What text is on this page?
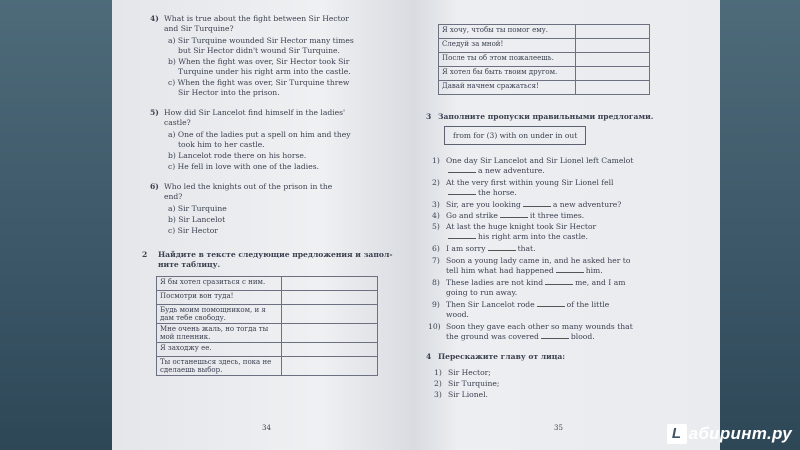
4) What is true about the fight between Sir Hector
and Sir Turquine?
a) Sir Turquine wounded Sir Hector many times
but Sir Hector didn't wound Sir Turquine.
b) When the fight was over, Sir Hector took Sir
Turquine under his right arm into the castle.
c) When the fight was over, Sir Turquine threw
Sir Hector into the prison.
5) How did Sir Lancelot find himself in the ladies'
castle?
a) One of the ladies put a spell on him and they
took him to her castle.
b) Lancelot rode there on his horse.
c) He fell in love with one of the ladies.
6) Who led the knights out of the prison in the
end?
a) Sir Turquine
b) Sir Lancelot
c) Sir Hector
2 Найдите в тексте следующие предложения и запол-
ните таблицу.
Я бы хотел сразиться с ним.	
Посмотри вон туда!	

Будь моим помощником, и я
дам тебе свободу.	

Мне очень жаль, но тогда ты
мой пленник.	

Я заходжу ее.	

Ты останешься здесь, пока не
сделаешь выбор.	

34
Я хочу, чтобы ты помог ему.	
Следуй за мной!	
После ты об этом пожалеешь.	
Я хотел бы быть твоим другом.	
Давай начнем сражаться!	
3 Заполните пропуски правильными предлогами.
from for (3) with on under in out
1) One day Sir Lancelot and Sir Lionel left Camelot
a new adventure.
2) At the very first within young Sir Lionel fell
the horse.
3) Sir, are you looking	a new adventure?
4) Go and strike	it three times.
5) At last the huge knight took Sir Hector
his right arm into the castle.
6) I am sorry	that.
7) Soon a young lady came in, and he asked her to
tell him what had happened	him.
8) These ladies are not kind	me, and I am
going to run away.
9) Then Sir Lancelot rode	of the little
wood.
10) Soon they gave each other so many wounds that
the ground was covered	blood.
4 Перескажите главу от лица:
1) Sir Hector;
2) Sir Turquine;
3) Sir Lionel.
35	L абиринт.ру
